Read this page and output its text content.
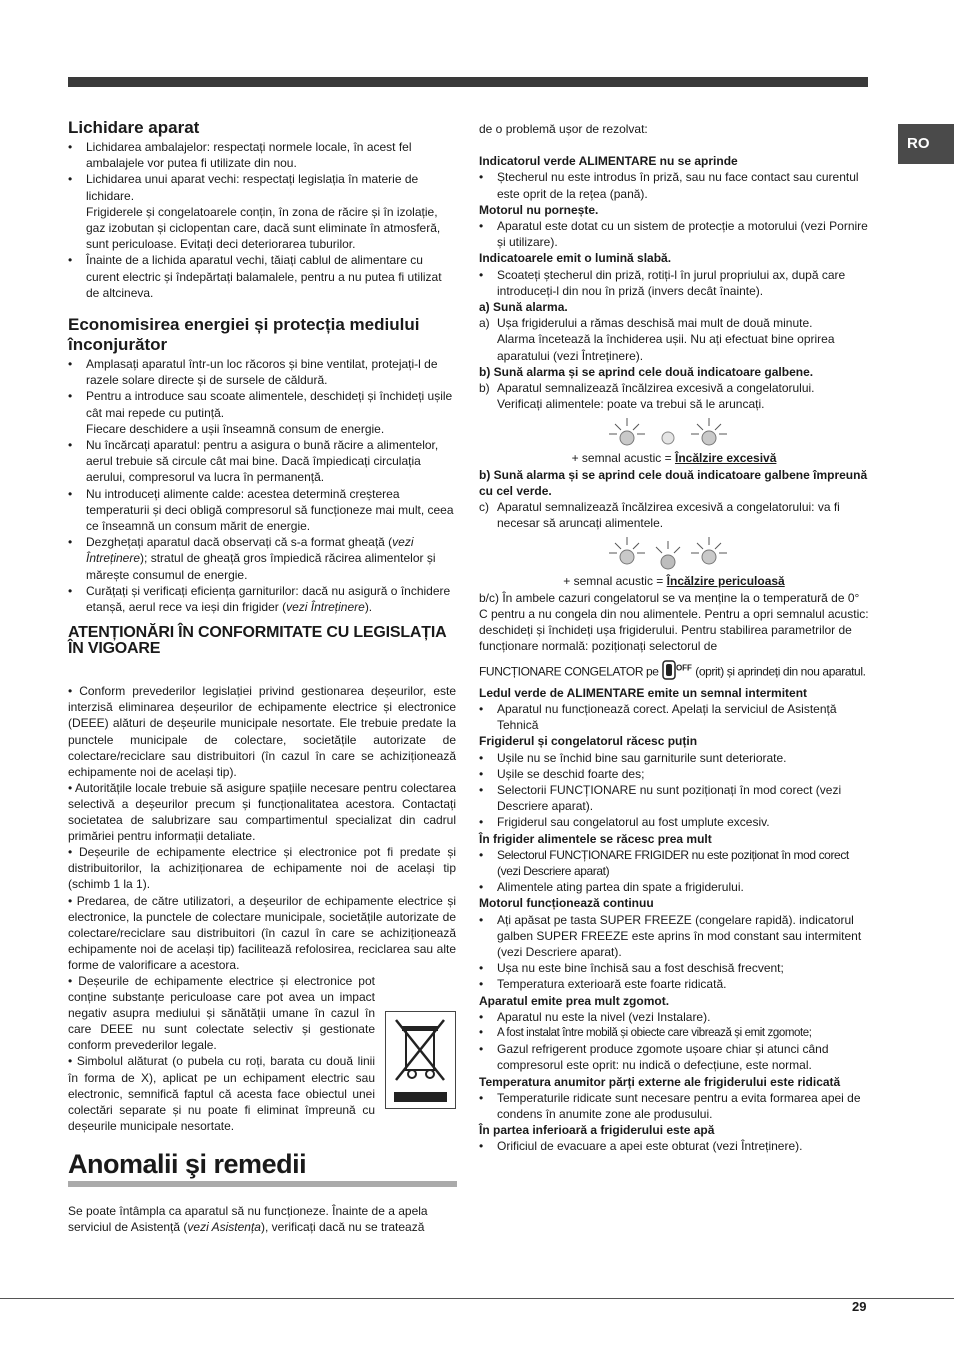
RO
Lichidare aparat
• Lichidarea ambalajelor: respectați normele locale, în acest fel ambalajele vor putea fi utilizate din nou.
• Lichidarea unui aparat vechi: respectați legislația în materie de lichidare.
Frigiderele și congelatoarele conțin, în zona de răcire și în izolație, gaz izobutan și ciclopentan care, dacă sunt eliminate în atmosferă, sunt periculoase. Evitați deci deteriorarea tuburilor.
• Înainte de a lichida aparatul vechi, tăiați cablul de alimentare cu curent electric și îndepărtați balamalele, pentru a nu putea fi utilizat de altcineva.
Economisirea energiei și protecția mediului înconjurător
• Amplasați aparatul într-un loc răcoros și bine ventilat, protejați-l de razele solare directe și de sursele de căldură.
• Pentru a introduce sau scoate alimentele, deschideți și închideți ușile cât mai repede cu putință.
Fiecare deschidere a ușii înseamnă consum de energie.
• Nu încărcați aparatul: pentru a asigura o bună răcire a alimentelor, aerul trebuie să circule cât mai bine. Dacă împiedicați circulația aerului, compresorul va lucra în permanență.
• Nu introduceți alimente calde: acestea determină creșterea temperaturii și deci obligă compresorul să funcționeze mai mult, ceea ce înseamnă un consum mărit de energie.
• Dezghețați aparatul dacă observați că s-a format gheață (vezi Întreținere); stratul de gheață gros împiedică răcirea alimentelor și mărește consumul de energie.
• Curățați și verificați eficiența garniturilor: dacă nu asigură o închidere etanșă, aerul rece va ieși din frigider (vezi Întreținere).
ATENȚIONĂRI ÎN CONFORMITATE CU LEGISLAȚIA ÎN VIGOARE

• Conform prevederilor legislației privind gestionarea deșeurilor, este interzisă eliminarea deșeurilor de echipamente electrice și electronice (DEEE) alături de deșeurile municipale nesortate. Ele trebuie predate la punctele municipale de colectare, societățile autorizate de colectare/reciclare sau distribuitori (în cazul în care se achiziționează echipamente noi de același tip).

• Autoritățile locale trebuie să asigure spațiile necesare pentru colectarea selectivă a deșeurilor precum și funcționalitatea acestora. Contactați societatea de salubrizare sau compartimentul specializat din cadrul primăriei pentru informații detaliate.

• Deșeurile de echipamente electrice și electronice pot fi predate și distribuitorilor, la achiziționarea de echipamente noi de același tip (schimb 1 la 1).

• Predarea, de către utilizatori, a deșeurilor de echipamente electrice și electronice, la punctele de colectare municipale, societățile autorizate de colectare/reciclare sau distribuitori (în cazul în care se achiziționează echipamente noi de același tip) facilitează refolosirea, reciclarea sau alte forme de valorificare a acestora.

• Deșeurile de echipamente electrice și electronice pot conține substanțe periculoase care pot avea un impact negativ asupra mediului și sănătății umane în cazul în care DEEE nu sunt colectate selectiv și gestionate conform prevederilor legale.

• Simbolul alăturat (o pubela cu roți, barata cu două linii în forma de X), aplicat pe un echipament electric sau electronic, semnifică faptul că acesta face obiectul unei colectări separate și nu poate fi eliminat împreună cu deșeurile municipale nesortate.

Anomalii şi remedii

Se poate întâmpla ca aparatul să nu funcționeze. Înainte de a apela serviciul de Asistență (vezi Asistența), verificați dacă nu se tratează

de o problemă ușor de rezolvat:

Indicatorul verde ALIMENTARE nu se aprinde

• Ștecherul nu este introdus în priză, sau nu face contact sau curentul este oprit de la rețea (pană).

Motorul nu pornește.

• Aparatul este dotat cu un sistem de protecție a motorului (vezi Pornire și utilizare).

Indicatoarele emit o lumină slabă.

• Scoateți ștecherul din priză, rotiți-l în jurul propriului ax, după care introduceți-l din nou în priză (invers decât înainte).

a) Sună alarma.

a) Ușa frigiderului a rămas deschisă mai mult de două minute.
Alarma încetează la închiderea ușii. Nu ați efectuat bine oprirea aparatului (vezi Întreținere).

b) Sună alarma și se aprind cele două indicatoare galbene.

b) Aparatul semnalizează încălzirea excesivă a congelatorului.
Verificați alimentele: poate va trebui să le aruncați.

+ semnal acustic = Încălzire excesivă

b) Sună alarma și se aprind cele două indicatoare galbene împreună cu cel verde.

c) Aparatul semnalizează încălzirea excesivă a congelatorului: va fi necesar să aruncați alimentele.

+ semnal acustic = Încălzire periculoasă

b/c) În ambele cazuri congelatorul se va menține la o temperatură de 0° C pentru a nu congela din nou alimentele. Pentru a opri semnalul acustic: deschideți și închideți ușa frigiderului. Pentru stabilirea parametrilor de funcționare normală: poziționați selectorul de

FUNCȚIONARE CONGELATOR pe $^{OFF}$ (oprit) și aprindeți din nou aparatul.

Ledul verde de ALIMENTARE emite un semnal intermitent

• Aparatul nu funcționează corect. Apelați la serviciul de Asistență Tehnică

Frigiderul și congelatorul răcesc puțin

• Ușile nu se închid bine sau garniturile sunt deteriorate.
• Ușile se deschid foarte des;
• Selectorii FUNCȚIONARE nu sunt poziționați în mod corect (vezi Descriere aparat).
• Frigiderul sau congelatorul au fost umplute excesiv.

În frigider alimentele se răcesc prea mult

• Selectorul FUNCȚIONARE FRIGIDER nu este poziționat în mod corect (vezi Descriere aparat)
• Alimentele ating partea din spate a frigiderului.

Motorul funcționează continuu

• Ați apăsat pe tasta SUPER FREEZE (congelare rapidă). indicatorul galben SUPER FREEZE este aprins în mod constant sau intermitent (vezi Descriere aparat).
• Ușa nu este bine închisă sau a fost deschisă frecvent;
• Temperatura exterioară este foarte ridicată.

Aparatul emite prea mult zgomot.

• Aparatul nu este la nivel (vezi Instalare).
• A fost instalat între mobilă și obiecte care vibrează și emit zgomote;
• Gazul refrigerent produce zgomote ușoare chiar și atunci când compresorul este oprit: nu indică o defecțiune, este normal.

Temperatura anumitor părți externe ale frigiderului este ridicată

• Temperaturile ridicate sunt necesare pentru a evita formarea apei de condens în anumite zone ale produsului.

În partea inferioară a frigiderului este apă

• Orificiul de evacuare a apei este obturat (vezi Întreținere).
29
